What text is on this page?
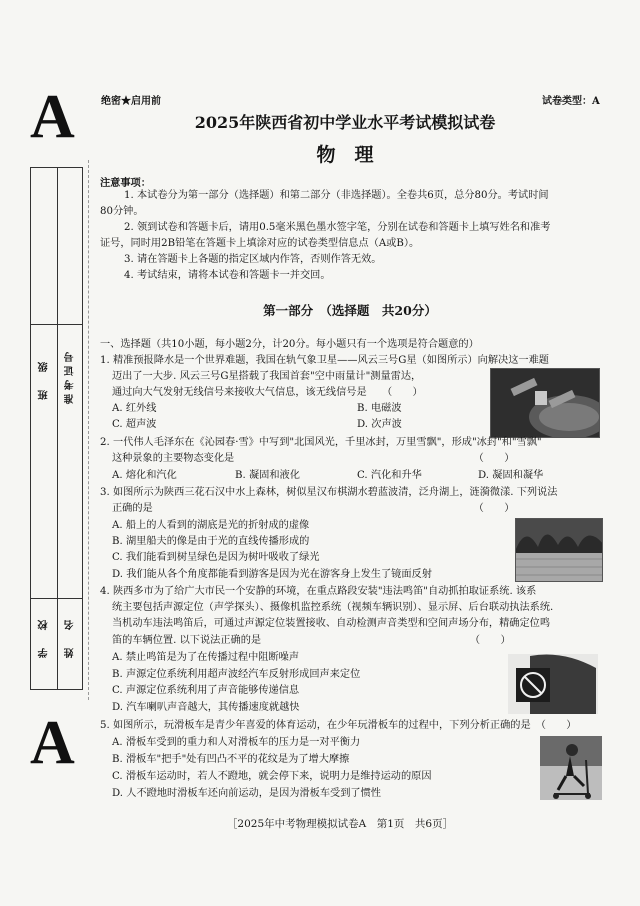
A
A
绝密★启用前	试卷类型：A
2025年陕西省初中学业水平考试模拟试卷
物　理
班　级 准考证号
学　校 姓　名
注意事项：
1. 本试卷分为第一部分（选择题）和第二部分（非选择题）。全卷共6页，总分80分。考试时间
80分钟。
2. 领到试卷和答题卡后，请用0.5毫米黑色墨水签字笔，分别在试卷和答题卡上填写姓名和准考
证号，同时用2B铅笔在答题卡上填涂对应的试卷类型信息点（A或B）。
3. 请在答题卡上各题的指定区域内作答，否则作答无效。
4. 考试结束，请将本试卷和答题卡一并交回。
第一部分　（选择题　共20分）
一、选择题（共10小题，每小题2分，计20分。每小题只有一个选项是符合题意的）
1. 精准预报降水是一个世界难题，我国在轨气象卫星——风云三号G星（如图所示）向解决这一难题
迈出了一大步. 风云三号G星搭载了我国首套"空中雨量计"测量雷达，
通过向大气发射无线信号来接收大气信息，该无线信号是　　（　　）
A. 红外线	B. 电磁波
C. 超声波	D. 次声波
2. 一代伟人毛泽东在《沁园春·雪》中写到"北国风光，千里冰封，万里雪飘"，形成"冰封"和"雪飘"
这种景象的主要物态变化是　　　　　　　　　　　　　　　　　　　　　　　　（　　）
A. 熔化和汽化	B. 凝固和液化	C. 汽化和升华	D. 凝固和凝华
3. 如图所示为陕西三花石汉中水上森林，树似星汉布棋湖水碧蓝波清，泛舟湖上，涟漪微漾. 下列说法
正确的是　　　　　　　　　　　　　　　　　　　　　　　　　　　　　　　　（　　）
A. 船上的人看到的湖底是光的折射成的虚像
B. 湖里船夫的像是由于光的直线传播形成的
C. 我们能看到树呈绿色是因为树叶吸收了绿光
D. 我们能从各个角度都能看到游客是因为光在游客身上发生了镜面反射
4. 陕西多市为了给广大市民一个安静的环境，在重点路段安装"违法鸣笛"自动抓拍取证系统. 该系
统主要包括声源定位（声学探头）、摄像机监控系统（视频车辆识别）、显示屏、后台联动执法系统.
当机动车违法鸣笛后，可通过声源定位装置接收、自动检测声音类型和空间声场分布，精确定位鸣
笛的车辆位置. 以下说法正确的是　　　　　　　　　　　　　　　　　　　　　（　　）
A. 禁止鸣笛是为了在传播过程中阻断噪声
B. 声源定位系统利用超声波经汽车反射形成回声来定位
C. 声源定位系统利用了声音能够传递信息
D. 汽车喇叭声音越大，其传播速度就越快
5. 如图所示，玩滑板车是青少年喜爱的体育运动，在少年玩滑板车的过程中，下列分析正确的是　（　　）
A. 滑板车受到的重力和人对滑板车的压力是一对平衡力
B. 滑板车"把手"处有凹凸不平的花纹是为了增大摩擦
C. 滑板车运动时，若人不蹬地，就会停下来，说明力是维持运动的原因
D. 人不蹬地时滑板车还向前运动，是因为滑板车受到了惯性
［2025年中考物理模拟试卷A　第1页　共6页］
